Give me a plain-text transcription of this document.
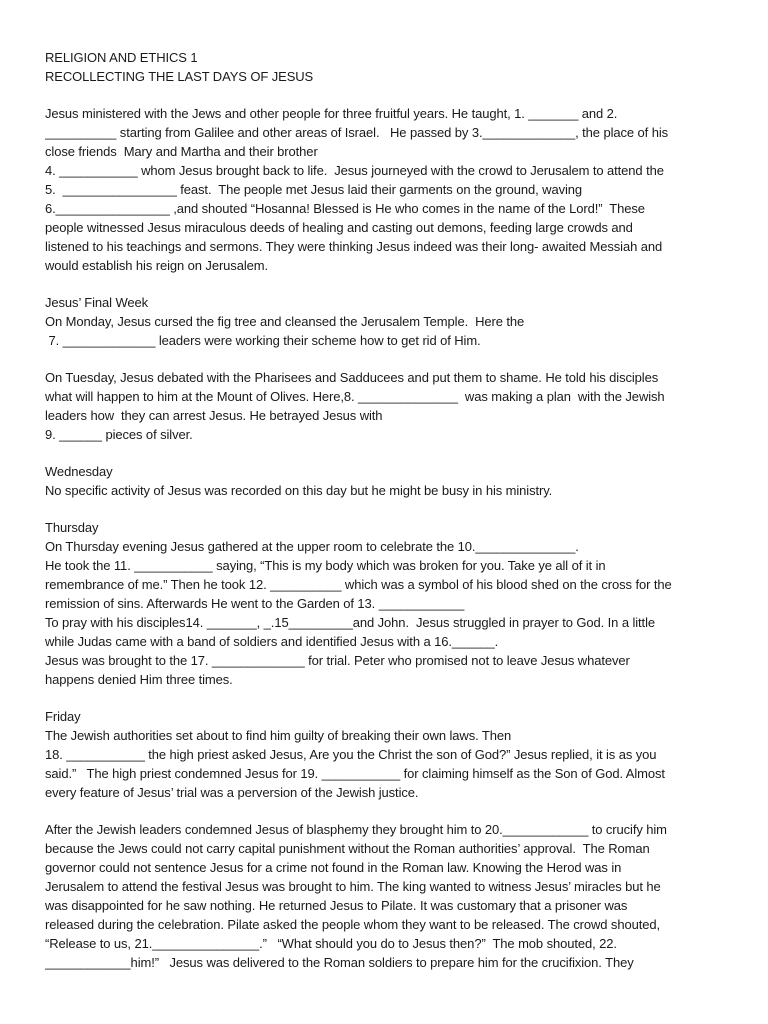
RELIGION AND ETHICS 1
RECOLLECTING THE LAST DAYS OF JESUS
Jesus ministered with the Jews and other people for three fruitful years. He taught, 1. _______ and 2.
__________ starting from Galilee and other areas of Israel.   He passed by 3._____________, the place of his
close friends  Mary and Martha and their brother
4. ___________ whom Jesus brought back to life.  Jesus journeyed with the crowd to Jerusalem to attend the
5.  ________________ feast.  The people met Jesus laid their garments on the ground, waving
6.________________ ,and shouted “Hosanna! Blessed is He who comes in the name of the Lord!”  These
people witnessed Jesus miraculous deeds of healing and casting out demons, feeding large crowds and
listened to his teachings and sermons. They were thinking Jesus indeed was their long- awaited Messiah and
would establish his reign on Jerusalem.
Jesus’ Final Week
On Monday, Jesus cursed the fig tree and cleansed the Jerusalem Temple.  Here the
7. _____________ leaders were working their scheme how to get rid of Him.
On Tuesday, Jesus debated with the Pharisees and Sadducees and put them to shame. He told his disciples
what will happen to him at the Mount of Olives. Here,8. ______________  was making a plan  with the Jewish
leaders how  they can arrest Jesus. He betrayed Jesus with
9. ______ pieces of silver.
Wednesday
No specific activity of Jesus was recorded on this day but he might be busy in his ministry.
Thursday
On Thursday evening Jesus gathered at the upper room to celebrate the 10.______________.
He took the 11. ___________ saying, “This is my body which was broken for you. Take ye all of it in
remembrance of me.” Then he took 12. __________ which was a symbol of his blood shed on the cross for the
remission of sins. Afterwards He went to the Garden of 13. ____________
To pray with his disciples14. _______, _.15_________and John.  Jesus struggled in prayer to God. In a little
while Judas came with a band of soldiers and identified Jesus with a 16.______.
Jesus was brought to the 17. _____________ for trial. Peter who promised not to leave Jesus whatever
happens denied Him three times.
Friday
The Jewish authorities set about to find him guilty of breaking their own laws. Then
18. ___________ the high priest asked Jesus, Are you the Christ the son of God?” Jesus replied, it is as you
said.”   The high priest condemned Jesus for 19. ___________ for claiming himself as the Son of God. Almost
every feature of Jesus’ trial was a perversion of the Jewish justice.
After the Jewish leaders condemned Jesus of blasphemy they brought him to 20.____________ to crucify him
because the Jews could not carry capital punishment without the Roman authorities’ approval.  The Roman
governor could not sentence Jesus for a crime not found in the Roman law. Knowing the Herod was in
Jerusalem to attend the festival Jesus was brought to him. The king wanted to witness Jesus’ miracles but he
was disappointed for he saw nothing. He returned Jesus to Pilate. It was customary that a prisoner was
released during the celebration. Pilate asked the people whom they want to be released. The crowd shouted,
“Release to us, 21._______________.”   “What should you do to Jesus then?”  The mob shouted, 22.
____________him!”   Jesus was delivered to the Roman soldiers to prepare him for the crucifixion. They
